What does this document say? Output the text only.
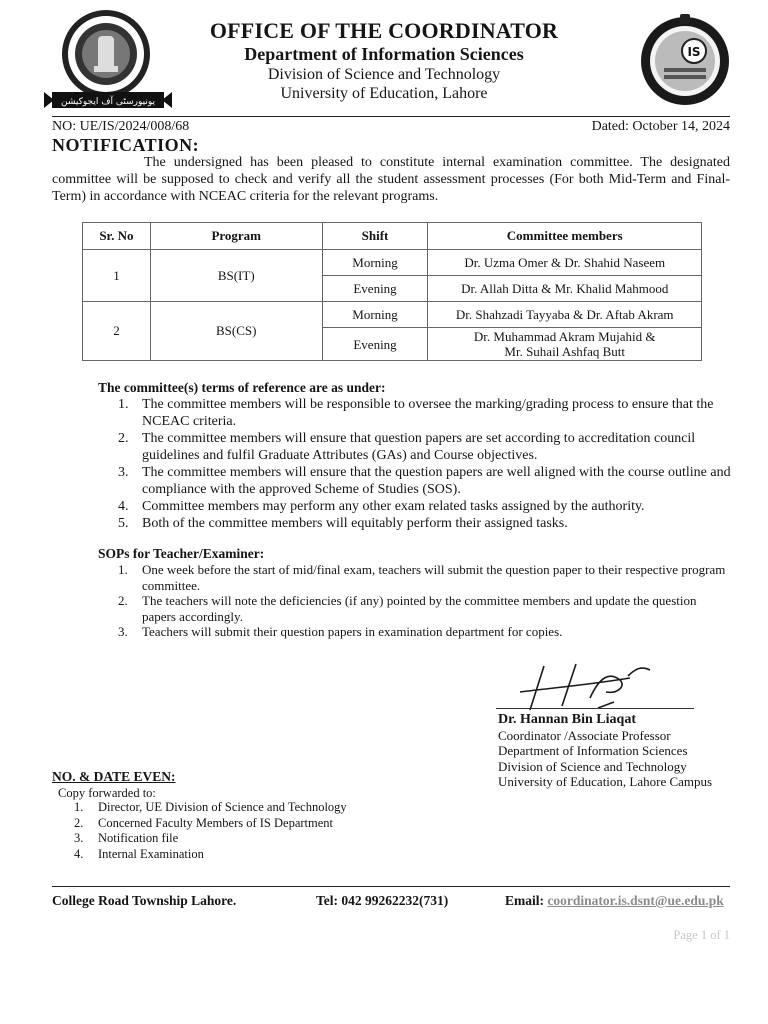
یونیورسٹی آف ایجوکیشن
IS
OFFICE OF THE COORDINATOR
Department of Information Sciences
Division of Science and Technology
University of Education, Lahore
NO: UE/IS/2024/008/68	Dated: October 14, 2024
NOTIFICATION:
The undersigned has been pleased to constitute internal examination committee. The designated committee will be supposed to check and verify all the student assessment processes (For both Mid-Term and Final-Term) in accordance with NCEAC criteria for the relevant programs.
Sr. No	Program	Shift	Committee members
1	BS(IT)	Morning	Dr. Uzma Omer & Dr. Shahid Naseem
		Evening	Dr. Allah Ditta & Mr. Khalid Mahmood
2	BS(CS)	Morning	Dr. Shahzadi Tayyaba & Dr. Aftab Akram
		Evening	Dr. Muhammad Akram Mujahid &
Mr. Suhail Ashfaq Butt
The committee(s) terms of reference are as under:
1. The committee members will be responsible to oversee the marking/grading process to ensure that the NCEAC criteria.
2. The committee members will ensure that question papers are set according to accreditation council guidelines and fulfil Graduate Attributes (GAs) and Course objectives.
3. The committee members will ensure that the question papers are well aligned with the course outline and compliance with the approved Scheme of Studies (SOS).
4. Committee members may perform any other exam related tasks assigned by the authority.
5. Both of the committee members will equitably perform their assigned tasks.
SOPs for Teacher/Examiner:
1. One week before the start of mid/final exam, teachers will submit the question paper to their respective program committee.
2. The teachers will note the deficiencies (if any) pointed by the committee members and update the question papers accordingly.
3. Teachers will submit their question papers in examination department for copies.
Dr. Hannan Bin Liaqat
Coordinator /Associate Professor
Department of Information Sciences
Division of Science and Technology
University of Education, Lahore Campus
NO. & DATE EVEN:
Copy forwarded to:
1. Director, UE Division of Science and Technology
2. Concerned Faculty Members of IS Department
3. Notification file
4. Internal Examination
College Road Township Lahore.	Tel: 042 99262232(731)	Email: coordinator.is.dsnt@ue.edu.pk
Page 1 of 1
